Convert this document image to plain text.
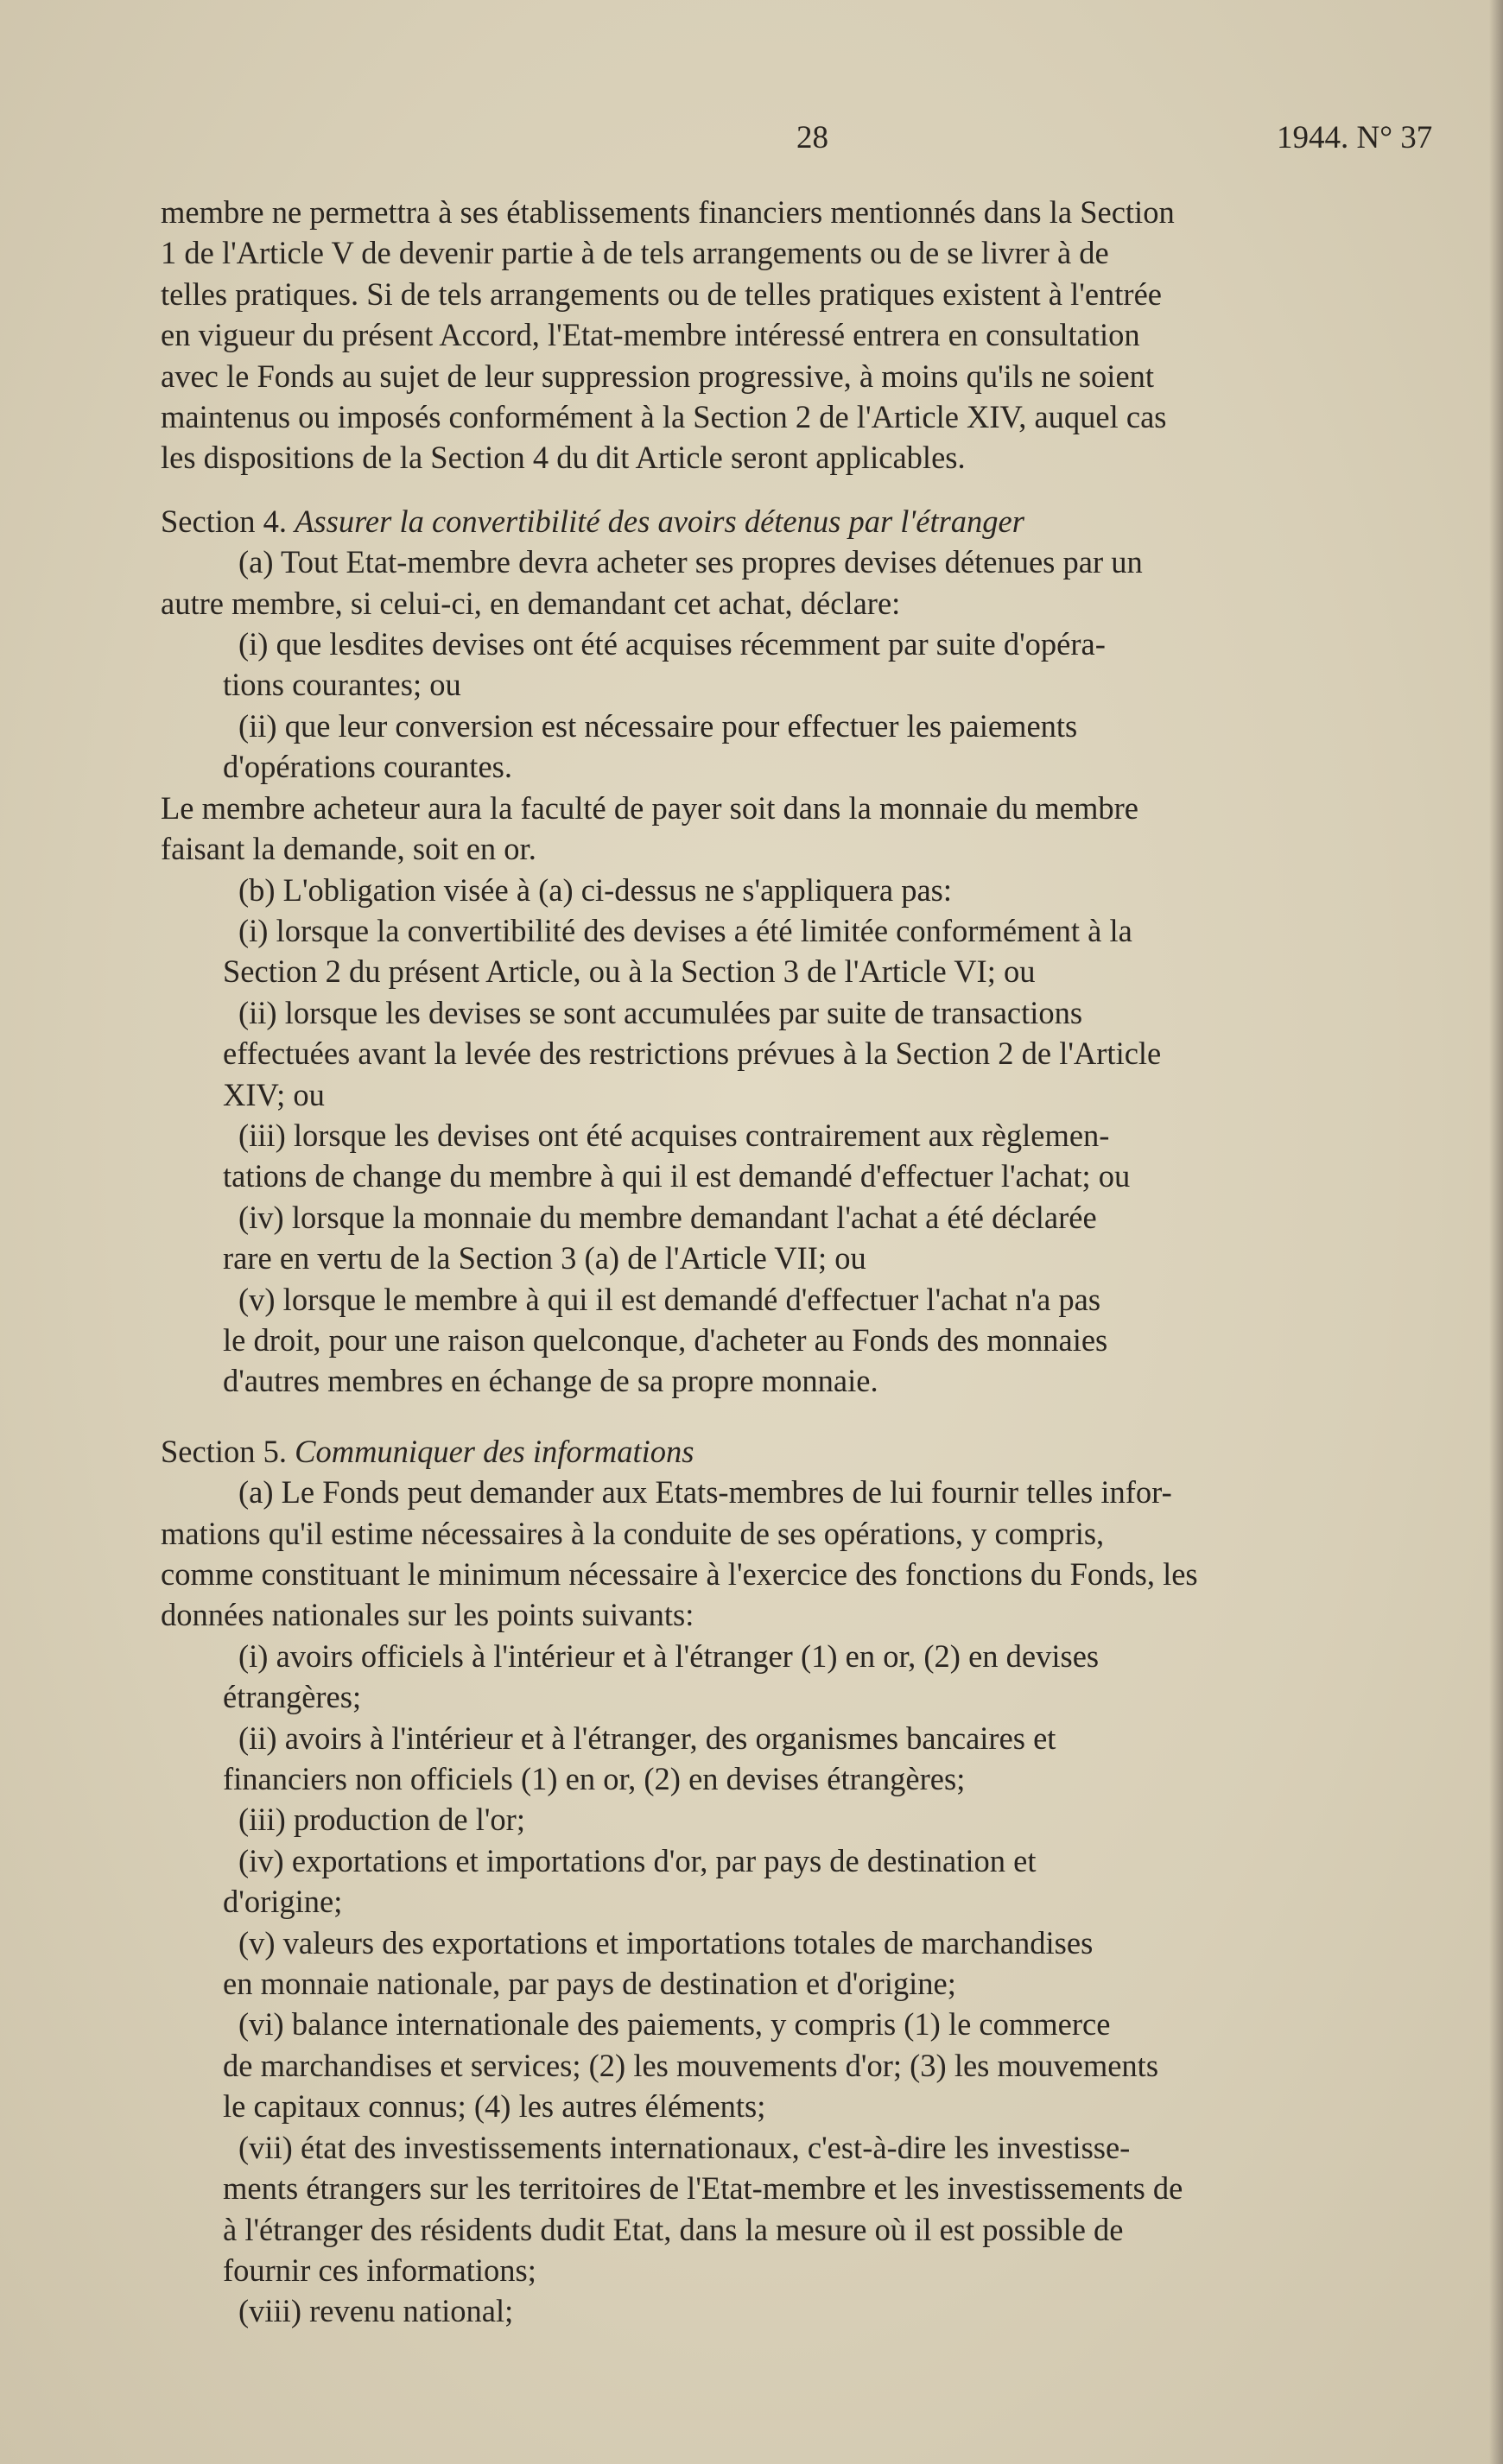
28	1944. N° 37

membre ne permettra à ses établissements financiers mentionnés dans la Section

1 de l'Article V de devenir partie à de tels arrangements ou de se livrer à de

telles pratiques. Si de tels arrangements ou de telles pratiques existent à l'entrée

en vigueur du présent Accord, l'Etat-membre intéressé entrera en consultation

avec le Fonds au sujet de leur suppression progressive, à moins qu'ils ne soient

maintenus ou imposés conformément à la Section 2 de l'Article XIV, auquel cas

les dispositions de la Section 4 du dit Article seront applicables.

Section 4. Assurer la convertibilité des avoirs détenus par l'étranger

(a) Tout Etat-membre devra acheter ses propres devises détenues par un

autre membre, si celui-ci, en demandant cet achat, déclare:

(i) que lesdites devises ont été acquises récemment par suite d'opéra-

tions courantes; ou

(ii) que leur conversion est nécessaire pour effectuer les paiements

d'opérations courantes.

Le membre acheteur aura la faculté de payer soit dans la monnaie du membre

faisant la demande, soit en or.

(b) L'obligation visée à (a) ci-dessus ne s'appliquera pas:

(i) lorsque la convertibilité des devises a été limitée conformément à la

Section 2 du présent Article, ou à la Section 3 de l'Article VI; ou

(ii) lorsque les devises se sont accumulées par suite de transactions

effectuées avant la levée des restrictions prévues à la Section 2 de l'Article

XIV; ou

(iii) lorsque les devises ont été acquises contrairement aux règlemen-

tations de change du membre à qui il est demandé d'effectuer l'achat; ou

(iv) lorsque la monnaie du membre demandant l'achat a été déclarée

rare en vertu de la Section 3 (a) de l'Article VII; ou

(v) lorsque le membre à qui il est demandé d'effectuer l'achat n'a pas

le droit, pour une raison quelconque, d'acheter au Fonds des monnaies

d'autres membres en échange de sa propre monnaie.

Section 5. Communiquer des informations

(a) Le Fonds peut demander aux Etats-membres de lui fournir telles infor-

mations qu'il estime nécessaires à la conduite de ses opérations, y compris,

comme constituant le minimum nécessaire à l'exercice des fonctions du Fonds, les

données nationales sur les points suivants:

(i) avoirs officiels à l'intérieur et à l'étranger (1) en or, (2) en devises

étrangères;

(ii) avoirs à l'intérieur et à l'étranger, des organismes bancaires et

financiers non officiels (1) en or, (2) en devises étrangères;

(iii) production de l'or;

(iv) exportations et importations d'or, par pays de destination et

d'origine;

(v) valeurs des exportations et importations totales de marchandises

en monnaie nationale, par pays de destination et d'origine;

(vi) balance internationale des paiements, y compris (1) le commerce

de marchandises et services; (2) les mouvements d'or; (3) les mouvements

le capitaux connus; (4) les autres éléments;

(vii) état des investissements internationaux, c'est-à-dire les investisse-

ments étrangers sur les territoires de l'Etat-membre et les investissements de

à l'étranger des résidents dudit Etat, dans la mesure où il est possible de

fournir ces informations;

(viii) revenu national;
